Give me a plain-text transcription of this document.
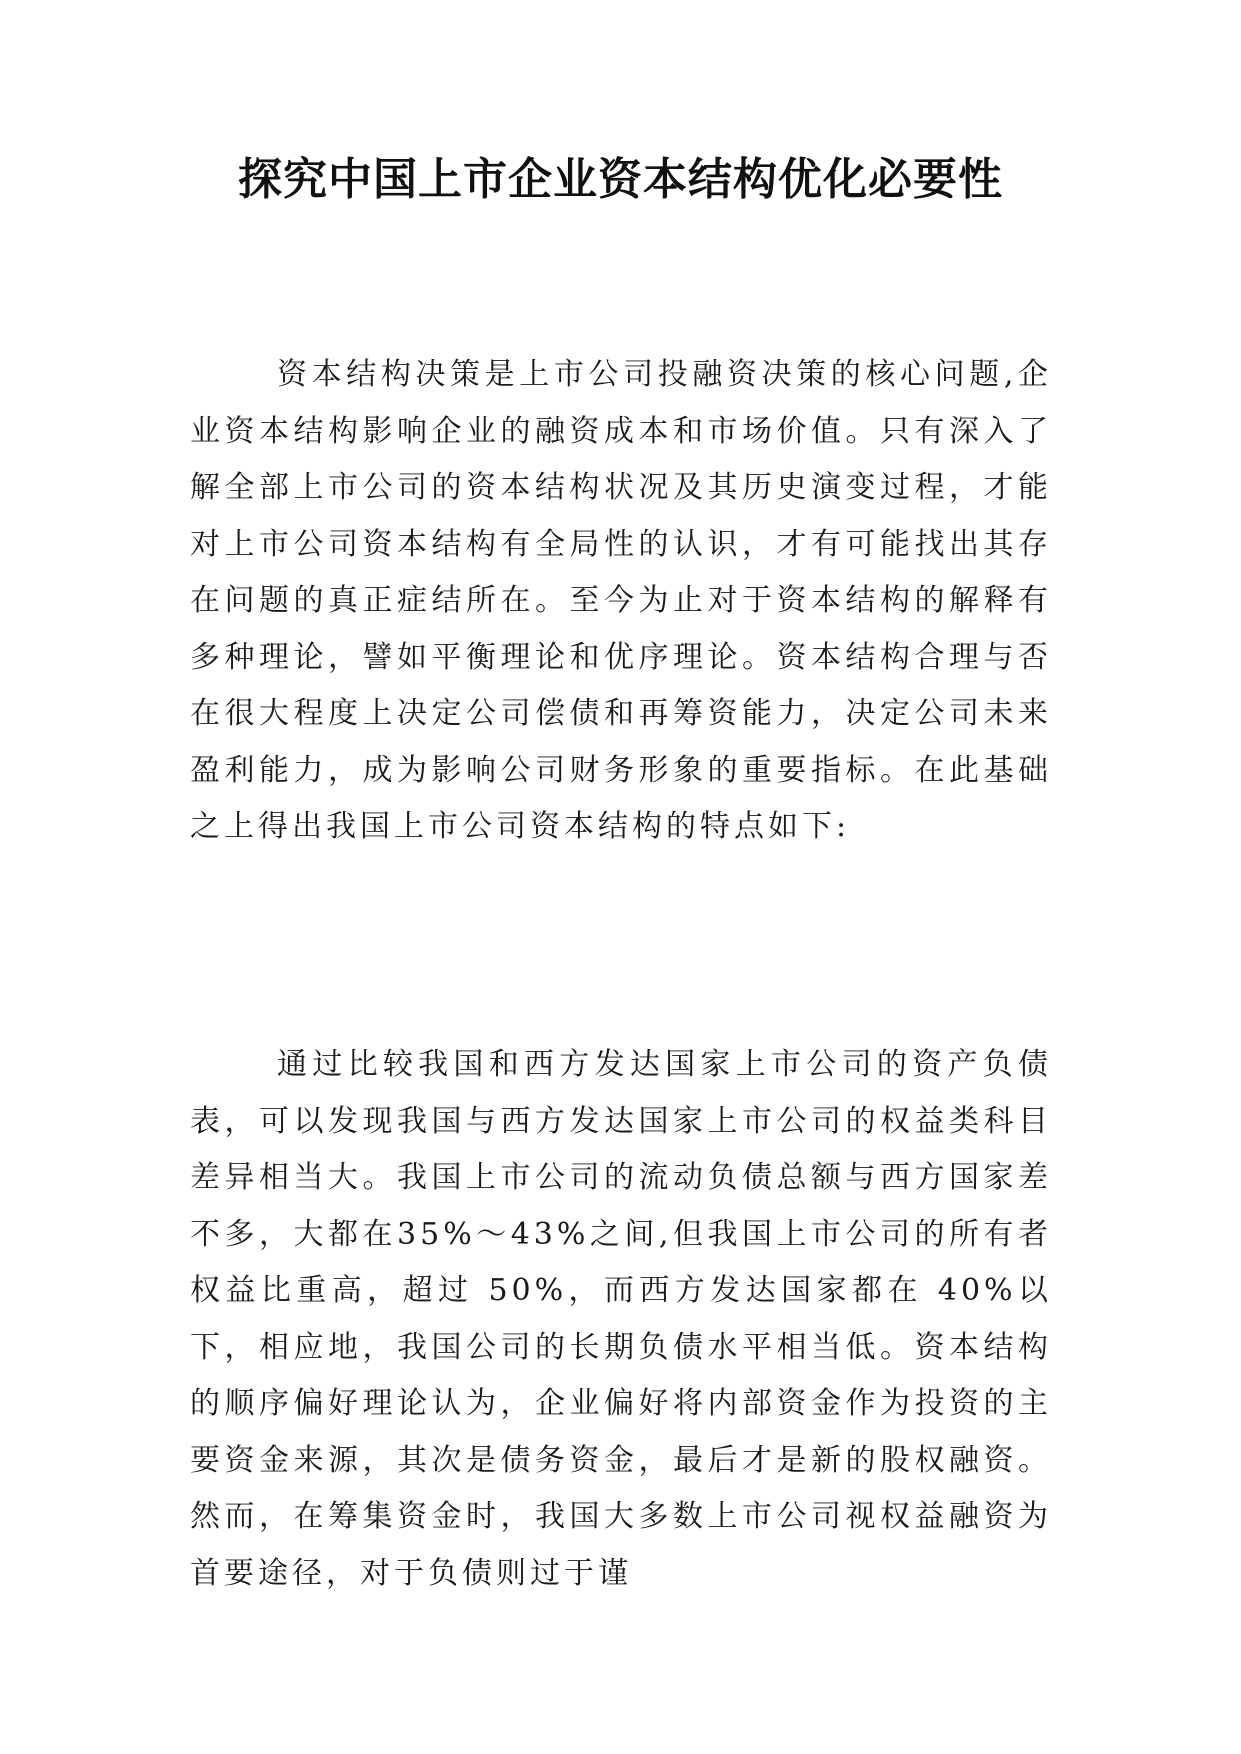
探究中国上市企业资本结构优化必要性

资本结构决策是上市公司投融资决策的核心问题,企业资本结构影响企业的融资成本和市场价值。只有深入了解全部上市公司的资本结构状况及其历史演变过程，才能对上市公司资本结构有全局性的认识，才有可能找出其存在问题的真正症结所在。至今为止对于资本结构的解释有多种理论，譬如平衡理论和优序理论。资本结构合理与否在很大程度上决定公司偿债和再筹资能力，决定公司未来盈利能力，成为影响公司财务形象的重要指标。在此基础之上得出我国上市公司资本结构的特点如下:

通过比较我国和西方发达国家上市公司的资产负债表，可以发现我国与西方发达国家上市公司的权益类科目差异相当大。我国上市公司的流动负债总额与西方国家差不多，大都在35%～43%之间,但我国上市公司的所有者权益比重高，超过 50%，而西方发达国家都在 40%以下，相应地，我国公司的长期负债水平相当低。资本结构的顺序偏好理论认为，企业偏好将内部资金作为投资的主要资金来源，其次是债务资金，最后才是新的股权融资。然而，在筹集资金时，我国大多数上市公司视权益融资为首要途径，对于负债则过于谨
